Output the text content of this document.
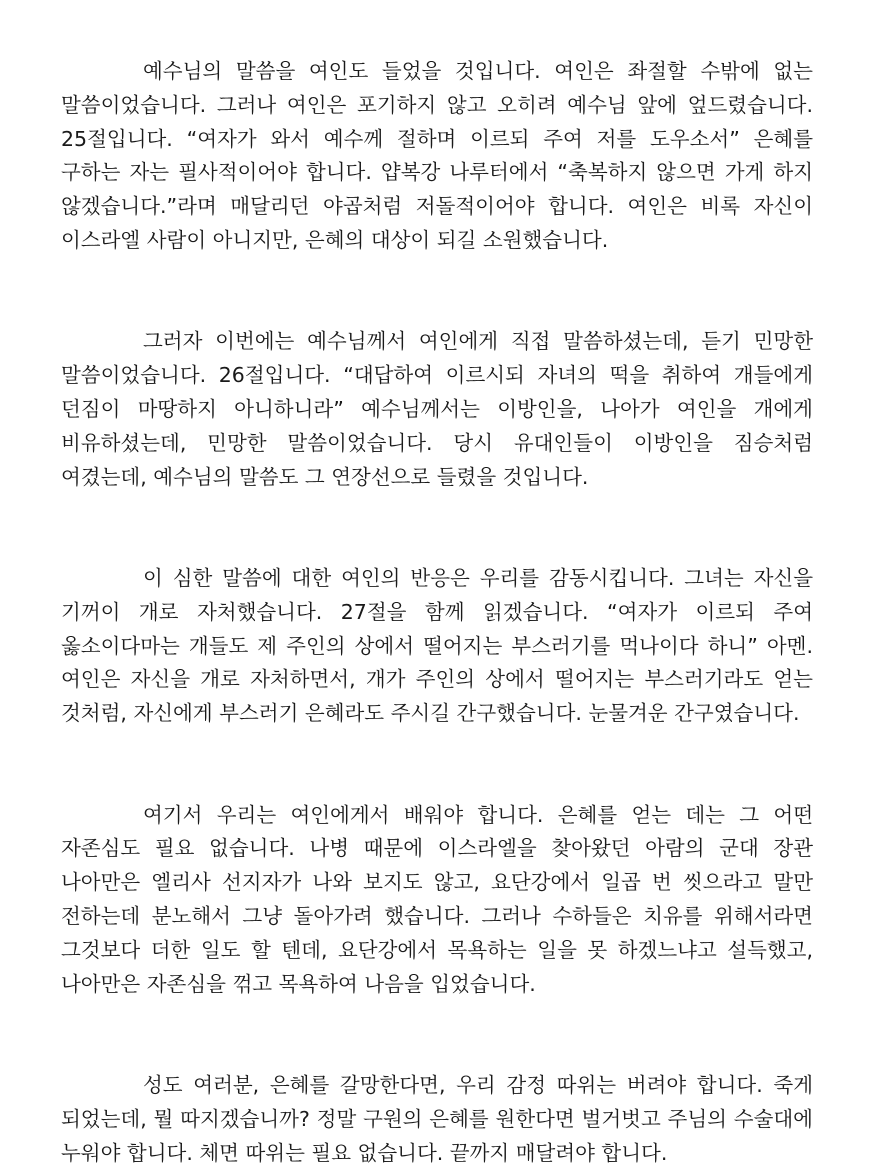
예수님의 말씀을 여인도 들었을 것입니다. 여인은 좌절할 수밖에 없는 말씀이었습니다. 그러나 여인은 포기하지 않고 오히려 예수님 앞에 엎드렸습니다. 25절입니다. “여자가 와서 예수께 절하며 이르되 주여 저를 도우소서” 은혜를 구하는 자는 필사적이어야 합니다. 얍복강 나루터에서 “축복하지 않으면 가게 하지 않겠습니다.”라며 매달리던 야곱처럼 저돌적이어야 합니다. 여인은 비록 자신이 이스라엘 사람이 아니지만, 은혜의 대상이 되길 소원했습니다.

그러자 이번에는 예수님께서 여인에게 직접 말씀하셨는데, 듣기 민망한 말씀이었습니다. 26절입니다. “대답하여 이르시되 자녀의 떡을 취하여 개들에게 던짐이 마땅하지 아니하니라” 예수님께서는 이방인을, 나아가 여인을 개에게 비유하셨는데, 민망한 말씀이었습니다. 당시 유대인들이 이방인을 짐승처럼 여겼는데, 예수님의 말씀도 그 연장선으로 들렸을 것입니다.

이 심한 말씀에 대한 여인의 반응은 우리를 감동시킵니다. 그녀는 자신을 기꺼이 개로 자처했습니다. 27절을 함께 읽겠습니다. “여자가 이르되 주여 옳소이다마는 개들도 제 주인의 상에서 떨어지는 부스러기를 먹나이다 하니” 아멘. 여인은 자신을 개로 자처하면서, 개가 주인의 상에서 떨어지는 부스러기라도 얻는 것처럼, 자신에게 부스러기 은혜라도 주시길 간구했습니다. 눈물겨운 간구였습니다.

여기서 우리는 여인에게서 배워야 합니다. 은혜를 얻는 데는 그 어떤 자존심도 필요 없습니다. 나병 때문에 이스라엘을 찾아왔던 아람의 군대 장관 나아만은 엘리사 선지자가 나와 보지도 않고, 요단강에서 일곱 번 씻으라고 말만 전하는데 분노해서 그냥 돌아가려 했습니다. 그러나 수하들은 치유를 위해서라면 그것보다 더한 일도 할 텐데, 요단강에서 목욕하는 일을 못 하겠느냐고 설득했고, 나아만은 자존심을 꺾고 목욕하여 나음을 입었습니다.

성도 여러분, 은혜를 갈망한다면, 우리 감정 따위는 버려야 합니다. 죽게 되었는데, 뭘 따지겠습니까? 정말 구원의 은혜를 원한다면 벌거벗고 주님의 수술대에 누워야 합니다. 체면 따위는 필요 없습니다. 끝까지 매달려야 합니다.
